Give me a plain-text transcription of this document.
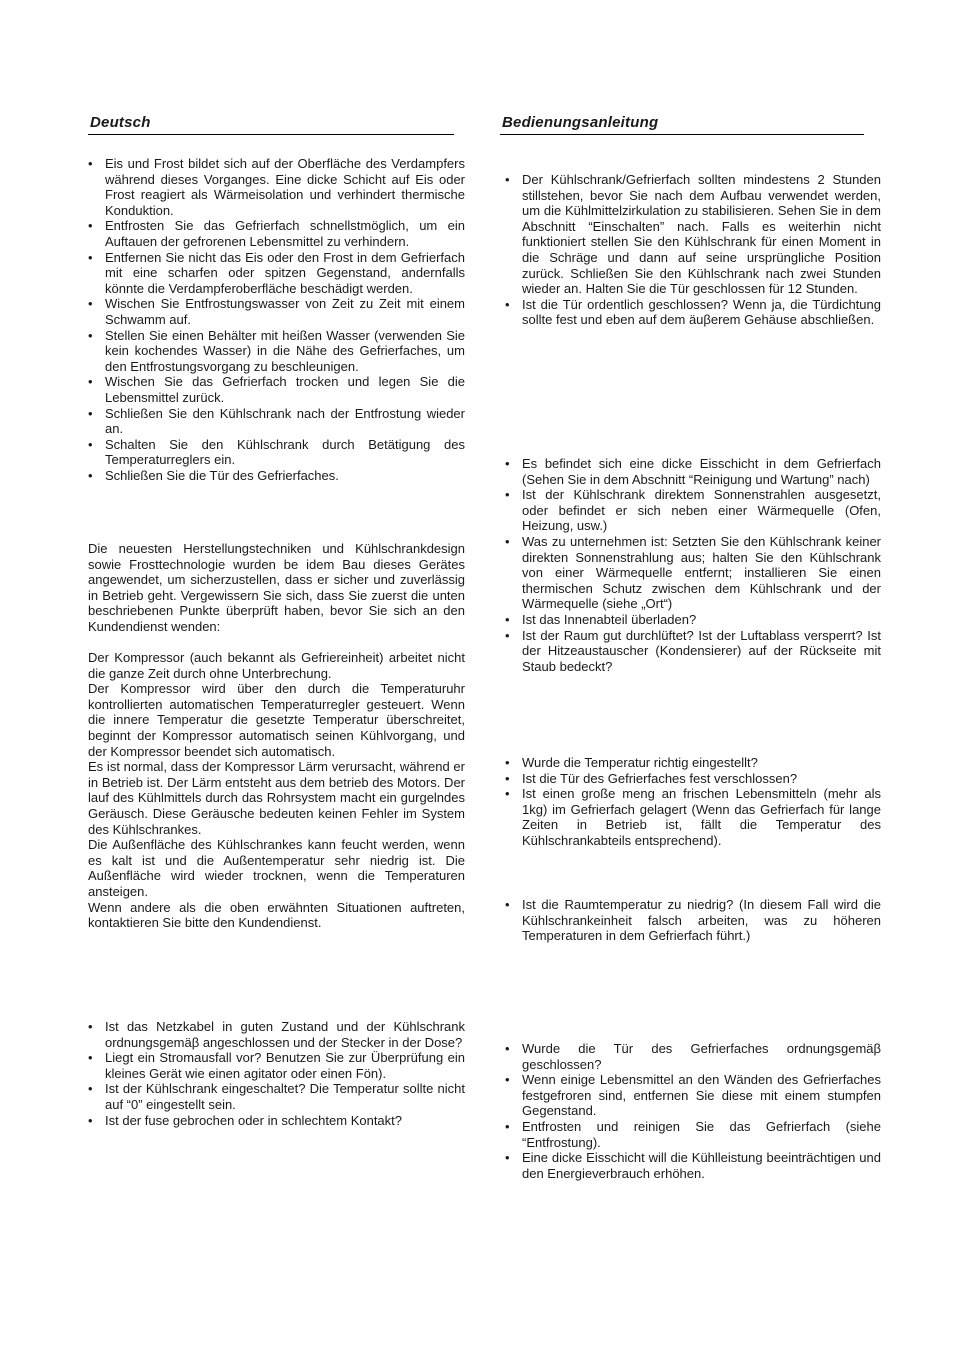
Deutsch	Bedienungsanleitung
• Eis und Frost bildet sich auf der Oberfläche des Verdampfers während dieses Vorganges. Eine dicke Schicht auf Eis oder Frost reagiert als Wärmeisolation und verhindert thermische Konduktion.
• Entfrosten Sie das Gefrierfach schnellstmöglich, um ein Auftauen der gefrorenen Lebensmittel zu verhindern.
• Entfernen Sie nicht das Eis oder den Frost in dem Gefrierfach mit eine scharfen oder spitzen Gegenstand, andernfalls könnte die Verdampferoberfläche beschädigt werden.
• Wischen Sie Entfrostungswasser von Zeit zu Zeit mit einem Schwamm auf.
• Stellen Sie einen Behälter mit heißen Wasser (verwenden Sie kein kochendes Wasser) in die Nähe des Gefrierfaches, um den Entfrostungsvorgang zu beschleunigen.
• Wischen Sie das Gefrierfach trocken und legen Sie die Lebensmittel zurück.
• Schließen Sie den Kühlschrank nach der Entfrostung wieder an.
• Schalten Sie den Kühlschrank durch Betätigung des Temperaturreglers ein.
• Schließen Sie die Tür des Gefrierfaches.

Die neuesten Herstellungstechniken und Kühlschrankdesign sowie Frosttechnologie wurden be idem Bau dieses Gerätes angewendet, um sicherzustellen, dass er sicher und zuverlässig in Betrieb geht. Vergewissern Sie sich, dass Sie zuerst die unten beschriebenen Punkte überprüft haben, bevor Sie sich an den Kundendienst wenden:

Der Kompressor (auch bekannt als Gefriereinheit) arbeitet nicht die ganze Zeit durch ohne Unterbrechung.

Der Kompressor wird über den durch die Temperaturuhr kontrollierten automatischen Temperaturregler gesteuert. Wenn die innere Temperatur die gesetzte Temperatur überschreitet, beginnt der Kompressor automatisch seinen Kühlvorgang, und der Kompressor beendet sich automatisch.

Es ist normal, dass der Kompressor Lärm verursacht, während er in Betrieb ist. Der Lärm entsteht aus dem betrieb des Motors. Der lauf des Kühlmittels durch das Rohrsystem macht ein gurgelndes Geräusch. Diese Geräusche bedeuten keinen Fehler im System des Kühlschrankes.

Die Außenfläche des Kühlschrankes kann feucht werden, wenn es kalt ist und die Außentemperatur sehr niedrig ist. Die Außenfläche wird wieder trocknen, wenn die Temperaturen ansteigen.

Wenn andere als die oben erwähnten Situationen auftreten, kontaktieren Sie bitte den Kundendienst.

• Ist das Netzkabel in guten Zustand und der Kühlschrank ordnungsgemäβ angeschlossen und der Stecker in der Dose?
• Liegt ein Stromausfall vor? Benutzen Sie zur Überprüfung ein kleines Gerät wie einen agitator oder einen Fön).
• Ist der Kühlschrank eingeschaltet? Die Temperatur sollte nicht auf “0” eingestellt sein.
• Ist der fuse gebrochen oder in schlechtem Kontakt?
• Der Kühlschrank/Gefrierfach sollten mindestens 2 Stunden stillstehen, bevor Sie nach dem Aufbau verwendet werden, um die Kühlmittelzirkulation zu stabilisieren. Sehen Sie in dem Abschnitt “Einschalten” nach. Falls es weiterhin nicht funktioniert stellen Sie den Kühlschrank für einen Moment in die Schräge und dann auf seine ursprüngliche Position zurück. Schließen Sie den Kühlschrank nach zwei Stunden wieder an. Halten Sie die Tür geschlossen für 12 Stunden.
• Ist die Tür ordentlich geschlossen? Wenn ja, die Türdichtung sollte fest und eben auf dem äuβerem Gehäuse abschließen.
• Es befindet sich eine dicke Eisschicht in dem Gefrierfach (Sehen Sie in dem Abschnitt “Reinigung und Wartung” nach)
• Ist der Kühlschrank direktem Sonnenstrahlen ausgesetzt, oder befindet er sich neben einer Wärmequelle (Ofen, Heizung, usw.)
• Was zu unternehmen ist: Setzten Sie den Kühlschrank keiner direkten Sonnenstrahlung aus; halten Sie den Kühlschrank von einer Wärmequelle entfernt; installieren Sie einen thermischen Schutz zwischen dem Kühlschrank und der Wärmequelle (siehe „Ort“)
• Ist das Innenabteil überladen?
• Ist der Raum gut durchlüftet? Ist der Luftablass versperrt? Ist der Hitzeaustauscher (Kondensierer) auf der Rückseite mit Staub bedeckt?
• Wurde die Temperatur richtig eingestellt?
• Ist die Tür des Gefrierfaches fest verschlossen?
• Ist einen große meng an frischen Lebensmitteln (mehr als 1kg) im Gefrierfach gelagert (Wenn das Gefrierfach für lange Zeiten in Betrieb ist, fällt die Temperatur des Kühlschrankabteils entsprechend).
• Ist die Raumtemperatur zu niedrig? (In diesem Fall wird die Kühlschrankeinheit falsch arbeiten, was zu höheren Temperaturen in dem Gefrierfach führt.)
• Wurde die Tür des Gefrierfaches ordnungsgemäβ geschlossen?
• Wenn einige Lebensmittel an den Wänden des Gefrierfaches festgefroren sind, entfernen Sie diese mit einem stumpfen Gegenstand.
• Entfrosten und reinigen Sie das Gefrierfach (siehe “Entfrostung).
• Eine dicke Eisschicht will die Kühlleistung beeinträchtigen und den Energieverbrauch erhöhen.
